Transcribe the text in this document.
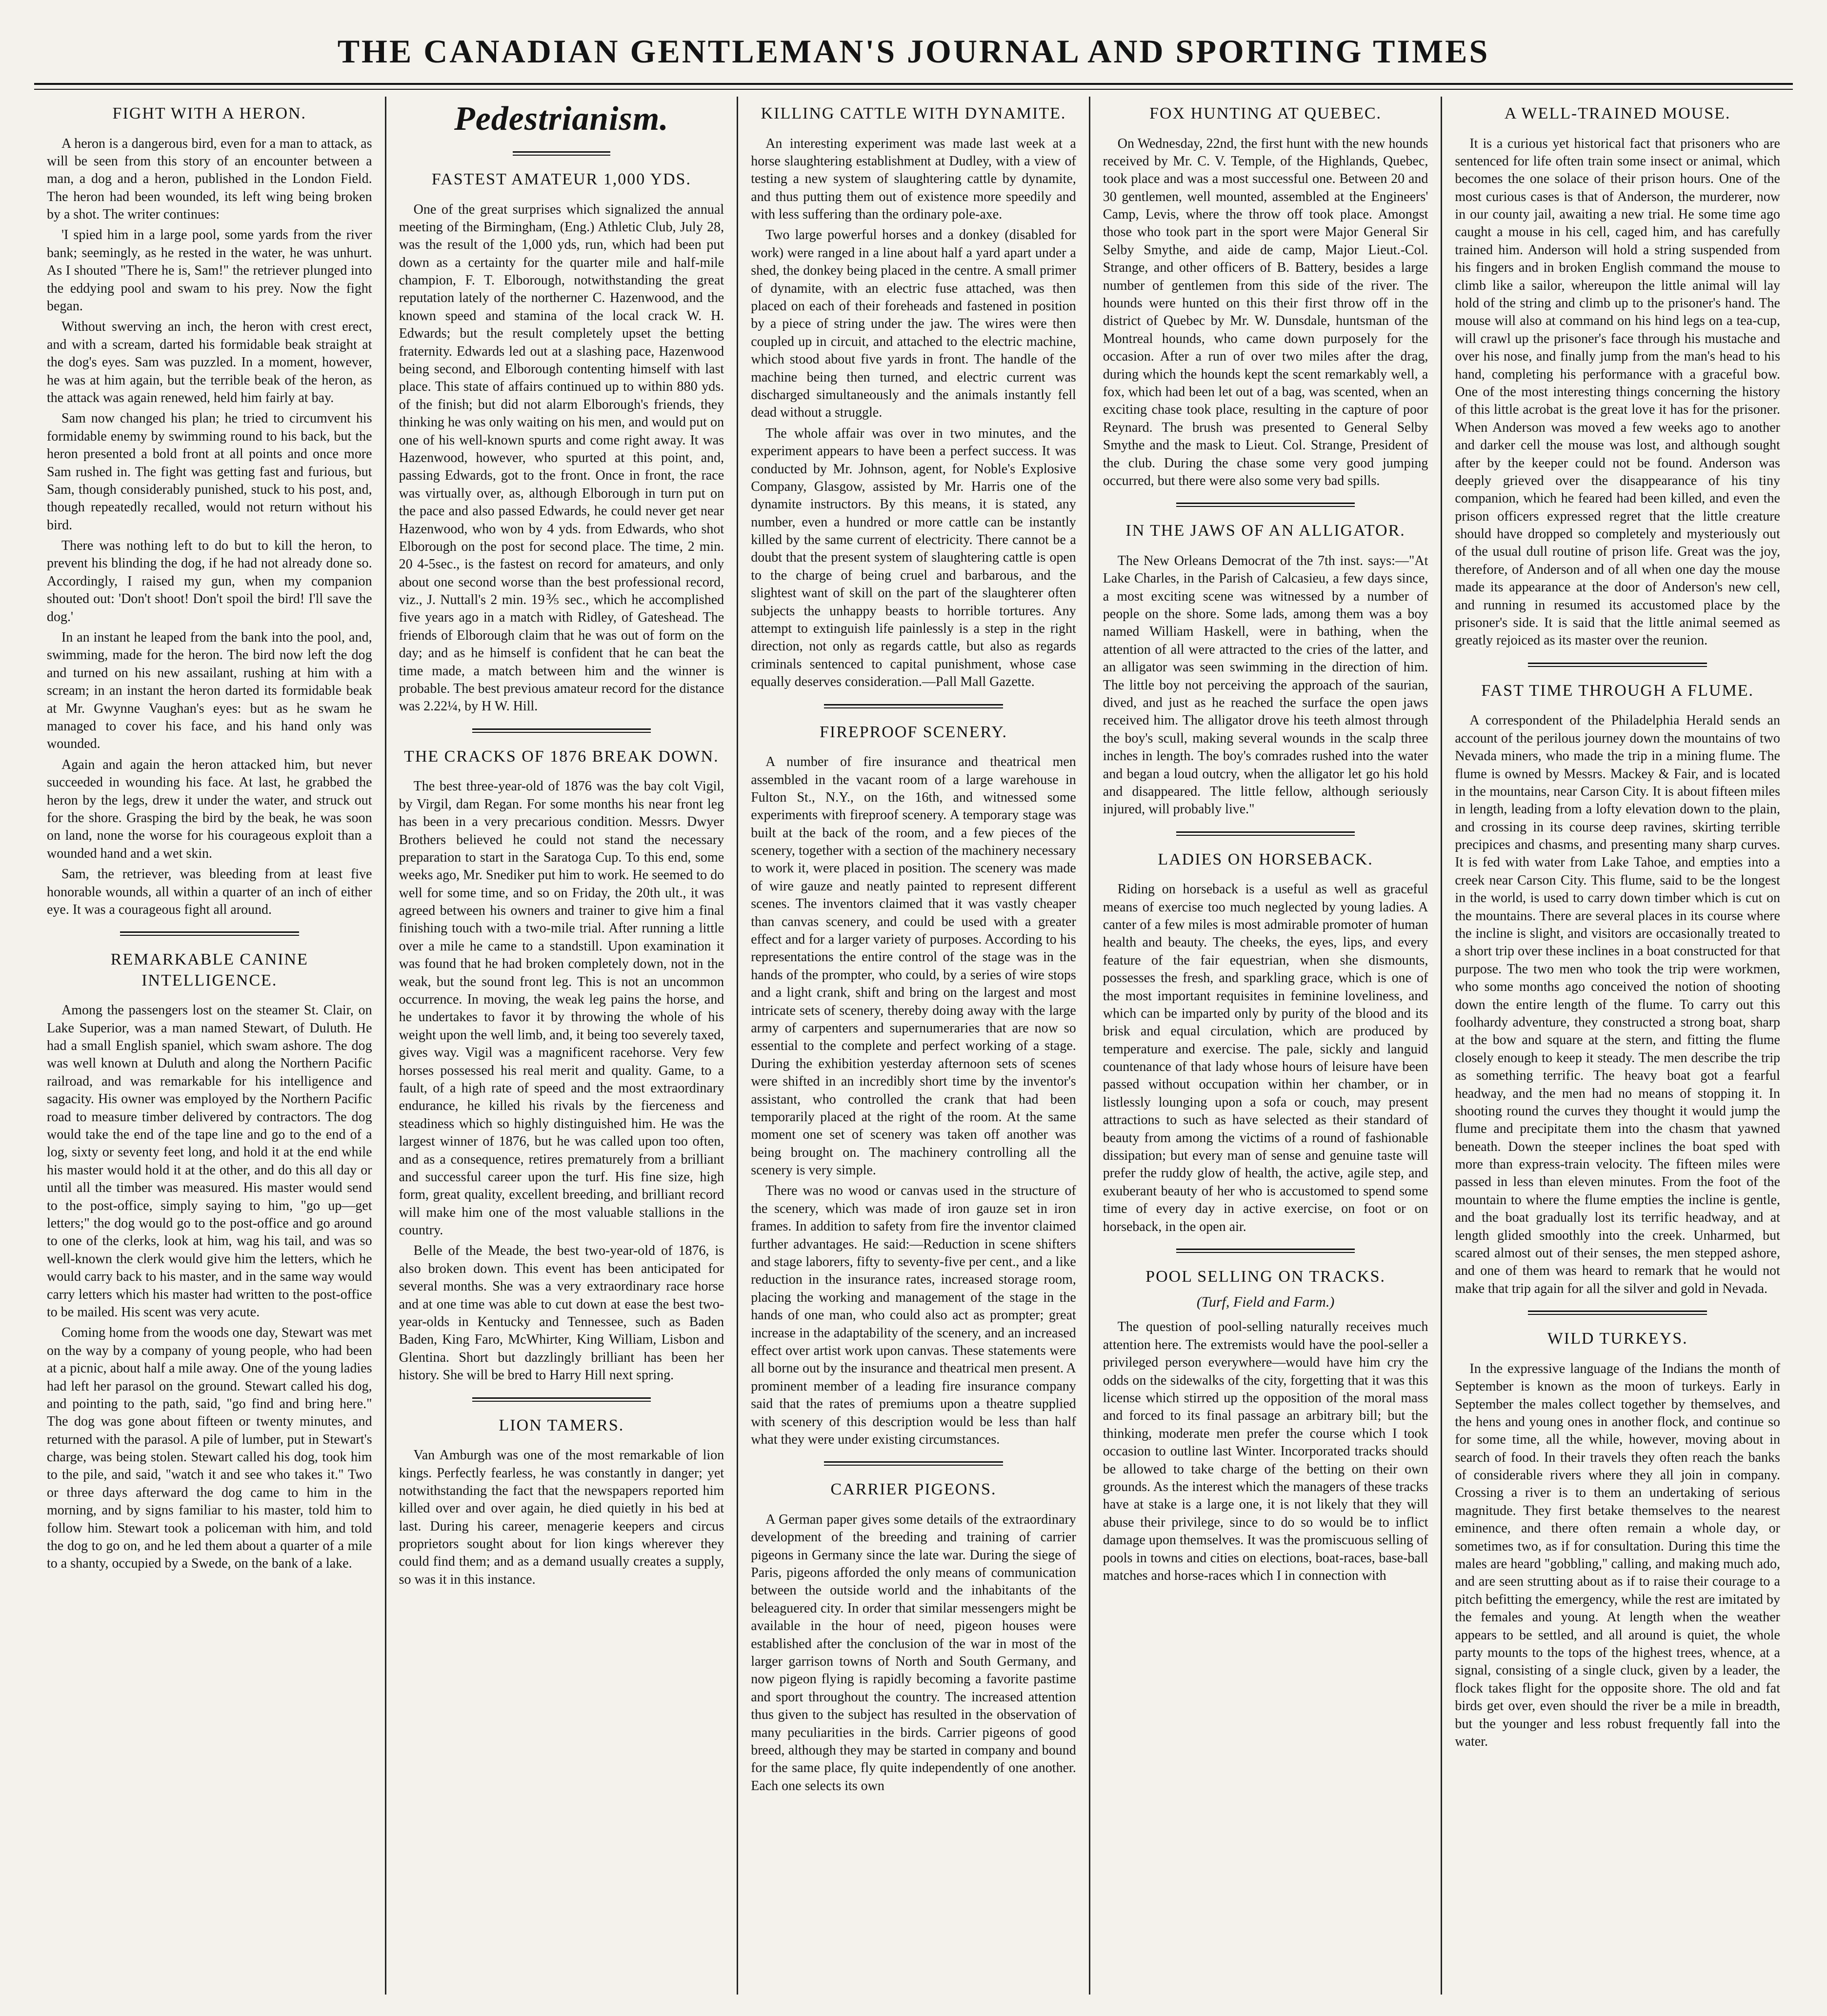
THE CANADIAN GENTLEMAN'S JOURNAL AND SPORTING TIMES
FIGHT WITH A HERON.

A heron is a dangerous bird, even for a man to attack, as will be seen from this story of an encounter between a man, a dog and a heron, published in the London Field. The heron had been wounded, its left wing being broken by a shot. The writer continues:

'I spied him in a large pool, some yards from the river bank; seemingly, as he rested in the water, he was unhurt. As I shouted "There he is, Sam!" the retriever plunged into the eddying pool and swam to his prey. Now the fight began.

Without swerving an inch, the heron with crest erect, and with a scream, darted his formidable beak straight at the dog's eyes. Sam was puzzled. In a moment, however, he was at him again, but the terrible beak of the heron, as the attack was again renewed, held him fairly at bay.

Sam now changed his plan; he tried to circumvent his formidable enemy by swimming round to his back, but the heron presented a bold front at all points and once more Sam rushed in. The fight was getting fast and furious, but Sam, though considerably punished, stuck to his post, and, though repeatedly recalled, would not return without his bird.

There was nothing left to do but to kill the heron, to prevent his blinding the dog, if he had not already done so. Accordingly, I raised my gun, when my companion shouted out: 'Don't shoot! Don't spoil the bird! I'll save the dog.'

In an instant he leaped from the bank into the pool, and, swimming, made for the heron. The bird now left the dog and turned on his new assailant, rushing at him with a scream; in an instant the heron darted its formidable beak at Mr. Gwynne Vaughan's eyes: but as he swam he managed to cover his face, and his hand only was wounded.

Again and again the heron attacked him, but never succeeded in wounding his face. At last, he grabbed the heron by the legs, drew it under the water, and struck out for the shore. Grasping the bird by the beak, he was soon on land, none the worse for his courageous exploit than a wounded hand and a wet skin.

Sam, the retriever, was bleeding from at least five honorable wounds, all within a quarter of an inch of either eye. It was a courageous fight all around.

REMARKABLE CANINE INTELLIGENCE.

Among the passengers lost on the steamer St. Clair, on Lake Superior, was a man named Stewart, of Duluth. He had a small English spaniel, which swam ashore. The dog was well known at Duluth and along the Northern Pacific railroad, and was remarkable for his intelligence and sagacity. His owner was employed by the Northern Pacific road to measure timber delivered by contractors. The dog would take the end of the tape line and go to the end of a log, sixty or seventy feet long, and hold it at the end while his master would hold it at the other, and do this all day or until all the timber was measured. His master would send to the post-office, simply saying to him, "go up—get letters;" the dog would go to the post-office and go around to one of the clerks, look at him, wag his tail, and was so well-known the clerk would give him the letters, which he would carry back to his master, and in the same way would carry letters which his master had written to the post-office to be mailed. His scent was very acute.

Coming home from the woods one day, Stewart was met on the way by a company of young people, who had been at a picnic, about half a mile away. One of the young ladies had left her parasol on the ground. Stewart called his dog, and pointing to the path, said, "go find and bring here." The dog was gone about fifteen or twenty minutes, and returned with the parasol. A pile of lumber, put in Stewart's charge, was being stolen. Stewart called his dog, took him to the pile, and said, "watch it and see who takes it." Two or three days afterward the dog came to him in the morning, and by signs familiar to his master, told him to follow him. Stewart took a policeman with him, and told the dog to go on, and he led them about a quarter of a mile to a shanty, occupied by a Swede, on the bank of a lake.

Pedestrianism.
FASTEST AMATEUR 1,000 YDS.

One of the great surprises which signalized the annual meeting of the Birmingham, (Eng.) Athletic Club, July 28, was the result of the 1,000 yds, run, which had been put down as a certainty for the quarter mile and half-mile champion, F. T. Elborough, notwithstanding the great reputation lately of the northerner C. Hazenwood, and the known speed and stamina of the local crack W. H. Edwards; but the result completely upset the betting fraternity. Edwards led out at a slashing pace, Hazenwood being second, and Elborough contenting himself with last place. This state of affairs continued up to within 880 yds. of the finish; but did not alarm Elborough's friends, they thinking he was only waiting on his men, and would put on one of his well-known spurts and come right away. It was Hazenwood, however, who spurted at this point, and, passing Edwards, got to the front. Once in front, the race was virtually over, as, although Elborough in turn put on the pace and also passed Edwards, he could never get near Hazenwood, who won by 4 yds. from Edwards, who shot Elborough on the post for second place. The time, 2 min. 20 4-5sec., is the fastest on record for amateurs, and only about one second worse than the best professional record, viz., J. Nuttall's 2 min. 19⅗ sec., which he accomplished five years ago in a match with Ridley, of Gateshead. The friends of Elborough claim that he was out of form on the day; and as he himself is confident that he can beat the time made, a match between him and the winner is probable. The best previous amateur record for the distance was 2.22¼, by H W. Hill.

THE CRACKS OF 1876 BREAK DOWN.

The best three-year-old of 1876 was the bay colt Vigil, by Virgil, dam Regan. For some months his near front leg has been in a very precarious condition. Messrs. Dwyer Brothers believed he could not stand the necessary preparation to start in the Saratoga Cup. To this end, some weeks ago, Mr. Snediker put him to work. He seemed to do well for some time, and so on Friday, the 20th ult., it was agreed between his owners and trainer to give him a final finishing touch with a two-mile trial. After running a little over a mile he came to a standstill. Upon examination it was found that he had broken completely down, not in the weak, but the sound front leg. This is not an uncommon occurrence. In moving, the weak leg pains the horse, and he undertakes to favor it by throwing the whole of his weight upon the well limb, and, it being too severely taxed, gives way. Vigil was a magnificent racehorse. Very few horses possessed his real merit and quality. Game, to a fault, of a high rate of speed and the most extraordinary endurance, he killed his rivals by the fierceness and steadiness which so highly distinguished him. He was the largest winner of 1876, but he was called upon too often, and as a consequence, retires prematurely from a brilliant and successful career upon the turf. His fine size, high form, great quality, excellent breeding, and brilliant record will make him one of the most valuable stallions in the country.

Belle of the Meade, the best two-year-old of 1876, is also broken down. This event has been anticipated for several months. She was a very extraordinary race horse and at one time was able to cut down at ease the best two-year-olds in Kentucky and Tennessee, such as Baden Baden, King Faro, McWhirter, King William, Lisbon and Glentina. Short but dazzlingly brilliant has been her history. She will be bred to Harry Hill next spring.

LION TAMERS.

Van Amburgh was one of the most remarkable of lion kings. Perfectly fearless, he was constantly in danger; yet notwithstanding the fact that the newspapers reported him killed over and over again, he died quietly in his bed at last. During his career, menagerie keepers and circus proprietors sought about for lion kings wherever they could find them; and as a demand usually creates a supply, so was it in this instance.

KILLING CATTLE WITH DYNAMITE.

An interesting experiment was made last week at a horse slaughtering establishment at Dudley, with a view of testing a new system of slaughtering cattle by dynamite, and thus putting them out of existence more speedily and with less suffering than the ordinary pole-axe.

Two large powerful horses and a donkey (disabled for work) were ranged in a line about half a yard apart under a shed, the donkey being placed in the centre. A small primer of dynamite, with an electric fuse attached, was then placed on each of their foreheads and fastened in position by a piece of string under the jaw. The wires were then coupled up in circuit, and attached to the electric machine, which stood about five yards in front. The handle of the machine being then turned, and electric current was discharged simultaneously and the animals instantly fell dead without a struggle.

The whole affair was over in two minutes, and the experiment appears to have been a perfect success. It was conducted by Mr. Johnson, agent, for Noble's Explosive Company, Glasgow, assisted by Mr. Harris one of the dynamite instructors. By this means, it is stated, any number, even a hundred or more cattle can be instantly killed by the same current of electricity. There cannot be a doubt that the present system of slaughtering cattle is open to the charge of being cruel and barbarous, and the slightest want of skill on the part of the slaughterer often subjects the unhappy beasts to horrible tortures. Any attempt to extinguish life painlessly is a step in the right direction, not only as regards cattle, but also as regards criminals sentenced to capital punishment, whose case equally deserves consideration.—Pall Mall Gazette.

FIREPROOF SCENERY.

A number of fire insurance and theatrical men assembled in the vacant room of a large warehouse in Fulton St., N.Y., on the 16th, and witnessed some experiments with fireproof scenery. A temporary stage was built at the back of the room, and a few pieces of the scenery, together with a section of the machinery necessary to work it, were placed in position. The scenery was made of wire gauze and neatly painted to represent different scenes. The inventors claimed that it was vastly cheaper than canvas scenery, and could be used with a greater effect and for a larger variety of purposes. According to his representations the entire control of the stage was in the hands of the prompter, who could, by a series of wire stops and a light crank, shift and bring on the largest and most intricate sets of scenery, thereby doing away with the large army of carpenters and supernumeraries that are now so essential to the complete and perfect working of a stage. During the exhibition yesterday afternoon sets of scenes were shifted in an incredibly short time by the inventor's assistant, who controlled the crank that had been temporarily placed at the right of the room. At the same moment one set of scenery was taken off another was being brought on. The machinery controlling all the scenery is very simple.

There was no wood or canvas used in the structure of the scenery, which was made of iron gauze set in iron frames. In addition to safety from fire the inventor claimed further advantages. He said:—Reduction in scene shifters and stage laborers, fifty to seventy-five per cent., and a like reduction in the insurance rates, increased storage room, placing the working and management of the stage in the hands of one man, who could also act as prompter; great increase in the adaptability of the scenery, and an increased effect over artist work upon canvas. These statements were all borne out by the insurance and theatrical men present. A prominent member of a leading fire insurance company said that the rates of premiums upon a theatre supplied with scenery of this description would be less than half what they were under existing circumstances.

CARRIER PIGEONS.

A German paper gives some details of the extraordinary development of the breeding and training of carrier pigeons in Germany since the late war. During the siege of Paris, pigeons afforded the only means of communication between the outside world and the inhabitants of the beleaguered city. In order that similar messengers might be available in the hour of need, pigeon houses were established after the conclusion of the war in most of the larger garrison towns of North and South Germany, and now pigeon flying is rapidly becoming a favorite pastime and sport throughout the country. The increased attention thus given to the subject has resulted in the observation of many peculiarities in the birds. Carrier pigeons of good breed, although they may be started in company and bound for the same place, fly quite independently of one another. Each one selects its own

FOX HUNTING AT QUEBEC.

On Wednesday, 22nd, the first hunt with the new hounds received by Mr. C. V. Temple, of the Highlands, Quebec, took place and was a most successful one. Between 20 and 30 gentlemen, well mounted, assembled at the Engineers' Camp, Levis, where the throw off took place. Amongst those who took part in the sport were Major General Sir Selby Smythe, and aide de camp, Major Lieut.-Col. Strange, and other officers of B. Battery, besides a large number of gentlemen from this side of the river. The hounds were hunted on this their first throw off in the district of Quebec by Mr. W. Dunsdale, huntsman of the Montreal hounds, who came down purposely for the occasion. After a run of over two miles after the drag, during which the hounds kept the scent remarkably well, a fox, which had been let out of a bag, was scented, when an exciting chase took place, resulting in the capture of poor Reynard. The brush was presented to General Selby Smythe and the mask to Lieut. Col. Strange, President of the club. During the chase some very good jumping occurred, but there were also some very bad spills.

IN THE JAWS OF AN ALLIGATOR.

The New Orleans Democrat of the 7th inst. says:—"At Lake Charles, in the Parish of Calcasieu, a few days since, a most exciting scene was witnessed by a number of people on the shore. Some lads, among them was a boy named William Haskell, were in bathing, when the attention of all were attracted to the cries of the latter, and an alligator was seen swimming in the direction of him. The little boy not perceiving the approach of the saurian, dived, and just as he reached the surface the open jaws received him. The alligator drove his teeth almost through the boy's scull, making several wounds in the scalp three inches in length. The boy's comrades rushed into the water and began a loud outcry, when the alligator let go his hold and disappeared. The little fellow, although seriously injured, will probably live."

LADIES ON HORSEBACK.

Riding on horseback is a useful as well as graceful means of exercise too much neglected by young ladies. A canter of a few miles is most admirable promoter of human health and beauty. The cheeks, the eyes, lips, and every feature of the fair equestrian, when she dismounts, possesses the fresh, and sparkling grace, which is one of the most important requisites in feminine loveliness, and which can be imparted only by purity of the blood and its brisk and equal circulation, which are produced by temperature and exercise. The pale, sickly and languid countenance of that lady whose hours of leisure have been passed without occupation within her chamber, or in listlessly lounging upon a sofa or couch, may present attractions to such as have selected as their standard of beauty from among the victims of a round of fashionable dissipation; but every man of sense and genuine taste will prefer the ruddy glow of health, the active, agile step, and exuberant beauty of her who is accustomed to spend some time of every day in active exercise, on foot or on horseback, in the open air.

POOL SELLING ON TRACKS.
(Turf, Field and Farm.)

The question of pool-selling naturally receives much attention here. The extremists would have the pool-seller a privileged person everywhere—would have him cry the odds on the sidewalks of the city, forgetting that it was this license which stirred up the opposition of the moral mass and forced to its final passage an arbitrary bill; but the thinking, moderate men prefer the course which I took occasion to outline last Winter. Incorporated tracks should be allowed to take charge of the betting on their own grounds. As the interest which the managers of these tracks have at stake is a large one, it is not likely that they will abuse their privilege, since to do so would be to inflict damage upon themselves. It was the promiscuous selling of pools in towns and cities on elections, boat-races, base-ball matches and horse-races which I in connection with

A WELL-TRAINED MOUSE.

It is a curious yet historical fact that prisoners who are sentenced for life often train some insect or animal, which becomes the one solace of their prison hours. One of the most curious cases is that of Anderson, the murderer, now in our county jail, awaiting a new trial. He some time ago caught a mouse in his cell, caged him, and has carefully trained him. Anderson will hold a string suspended from his fingers and in broken English command the mouse to climb like a sailor, whereupon the little animal will lay hold of the string and climb up to the prisoner's hand. The mouse will also at command on his hind legs on a tea-cup, will crawl up the prisoner's face through his mustache and over his nose, and finally jump from the man's head to his hand, completing his performance with a graceful bow. One of the most interesting things concerning the history of this little acrobat is the great love it has for the prisoner. When Anderson was moved a few weeks ago to another and darker cell the mouse was lost, and although sought after by the keeper could not be found. Anderson was deeply grieved over the disappearance of his tiny companion, which he feared had been killed, and even the prison officers expressed regret that the little creature should have dropped so completely and mysteriously out of the usual dull routine of prison life. Great was the joy, therefore, of Anderson and of all when one day the mouse made its appearance at the door of Anderson's new cell, and running in resumed its accustomed place by the prisoner's side. It is said that the little animal seemed as greatly rejoiced as its master over the reunion.

FAST TIME THROUGH A FLUME.

A correspondent of the Philadelphia Herald sends an account of the perilous journey down the mountains of two Nevada miners, who made the trip in a mining flume. The flume is owned by Messrs. Mackey & Fair, and is located in the mountains, near Carson City. It is about fifteen miles in length, leading from a lofty elevation down to the plain, and crossing in its course deep ravines, skirting terrible precipices and chasms, and presenting many sharp curves. It is fed with water from Lake Tahoe, and empties into a creek near Carson City. This flume, said to be the longest in the world, is used to carry down timber which is cut on the mountains. There are several places in its course where the incline is slight, and visitors are occasionally treated to a short trip over these inclines in a boat constructed for that purpose. The two men who took the trip were workmen, who some months ago conceived the notion of shooting down the entire length of the flume. To carry out this foolhardy adventure, they constructed a strong boat, sharp at the bow and square at the stern, and fitting the flume closely enough to keep it steady. The men describe the trip as something terrific. The heavy boat got a fearful headway, and the men had no means of stopping it. In shooting round the curves they thought it would jump the flume and precipitate them into the chasm that yawned beneath. Down the steeper inclines the boat sped with more than express-train velocity. The fifteen miles were passed in less than eleven minutes. From the foot of the mountain to where the flume empties the incline is gentle, and the boat gradually lost its terrific headway, and at length glided smoothly into the creek. Unharmed, but scared almost out of their senses, the men stepped ashore, and one of them was heard to remark that he would not make that trip again for all the silver and gold in Nevada.

WILD TURKEYS.

In the expressive language of the Indians the month of September is known as the moon of turkeys. Early in September the males collect together by themselves, and the hens and young ones in another flock, and continue so for some time, all the while, however, moving about in search of food. In their travels they often reach the banks of considerable rivers where they all join in company. Crossing a river is to them an undertaking of serious magnitude. They first betake themselves to the nearest eminence, and there often remain a whole day, or sometimes two, as if for consultation. During this time the males are heard "gobbling," calling, and making much ado, and are seen strutting about as if to raise their courage to a pitch befitting the emergency, while the rest are imitated by the females and young. At length when the weather appears to be settled, and all around is quiet, the whole party mounts to the tops of the highest trees, whence, at a signal, consisting of a single cluck, given by a leader, the flock takes flight for the opposite shore. The old and fat birds get over, even should the river be a mile in breadth, but the younger and less robust frequently fall into the water.
